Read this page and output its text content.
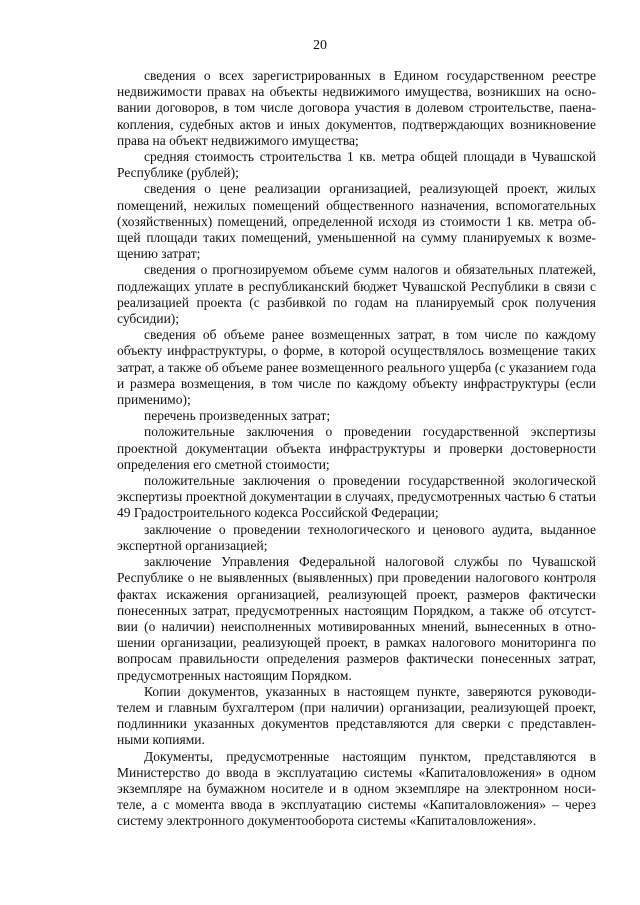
20

сведения о всех зарегистрированных в Едином государственном реестре недвижимости правах на объекты недвижимого имущества, возникших на основании договоров, в том числе договора участия в долевом строительстве, паенакопления, судебных актов и иных документов, подтверждающих возникновение права на объект недвижимого имущества;

средняя стоимость строительства 1 кв. метра общей площади в Чувашской Республике (рублей);

сведения о цене реализации организацией, реализующей проект, жилых помещений, нежилых помещений общественного назначения, вспомогательных (хозяйственных) помещений, определенной исходя из стоимости 1 кв. метра общей площади таких помещений, уменьшенной на сумму планируемых к возмещению затрат;

сведения о прогнозируемом объеме сумм налогов и обязательных платежей, подлежащих уплате в республиканский бюджет Чувашской Республики в связи с реализацией проекта (с разбивкой по годам на планируемый срок получения субсидии);

сведения об объеме ранее возмещенных затрат, в том числе по каждому объекту инфраструктуры, о форме, в которой осуществлялось возмещение таких затрат, а также об объеме ранее возмещенного реального ущерба (с указанием года и размера возмещения, в том числе по каждому объекту инфраструктуры (если применимо);

перечень произведенных затрат;

положительные заключения о проведении государственной экспертизы проектной документации объекта инфраструктуры и проверки достоверности определения его сметной стоимости;

положительные заключения о проведении государственной экологической экспертизы проектной документации в случаях, предусмотренных частью 6 статьи 49 Градостроительного кодекса Российской Федерации;

заключение о проведении технологического и ценового аудита, выданное экспертной организацией;

заключение Управления Федеральной налоговой службы по Чувашской Республике о не выявленных (выявленных) при проведении налогового контроля фактах искажения организацией, реализующей проект, размеров фактически понесенных затрат, предусмотренных настоящим Порядком, а также об отсутствии (о наличии) неисполненных мотивированных мнений, вынесенных в отношении организации, реализующей проект, в рамках налогового мониторинга по вопросам правильности определения размеров фактически понесенных затрат, предусмотренных настоящим Порядком.

Копии документов, указанных в настоящем пункте, заверяются руководителем и главным бухгалтером (при наличии) организации, реализующей проект, подлинники указанных документов представляются для сверки с представленными копиями.

Документы, предусмотренные настоящим пунктом, представляются в Министерство до ввода в эксплуатацию системы «Капиталовложения» в одном экземпляре на бумажном носителе и в одном экземпляре на электронном носителе, а с момента ввода в эксплуатацию системы «Капиталовложения» – через систему электронного документооборота системы «Капиталовложения».
